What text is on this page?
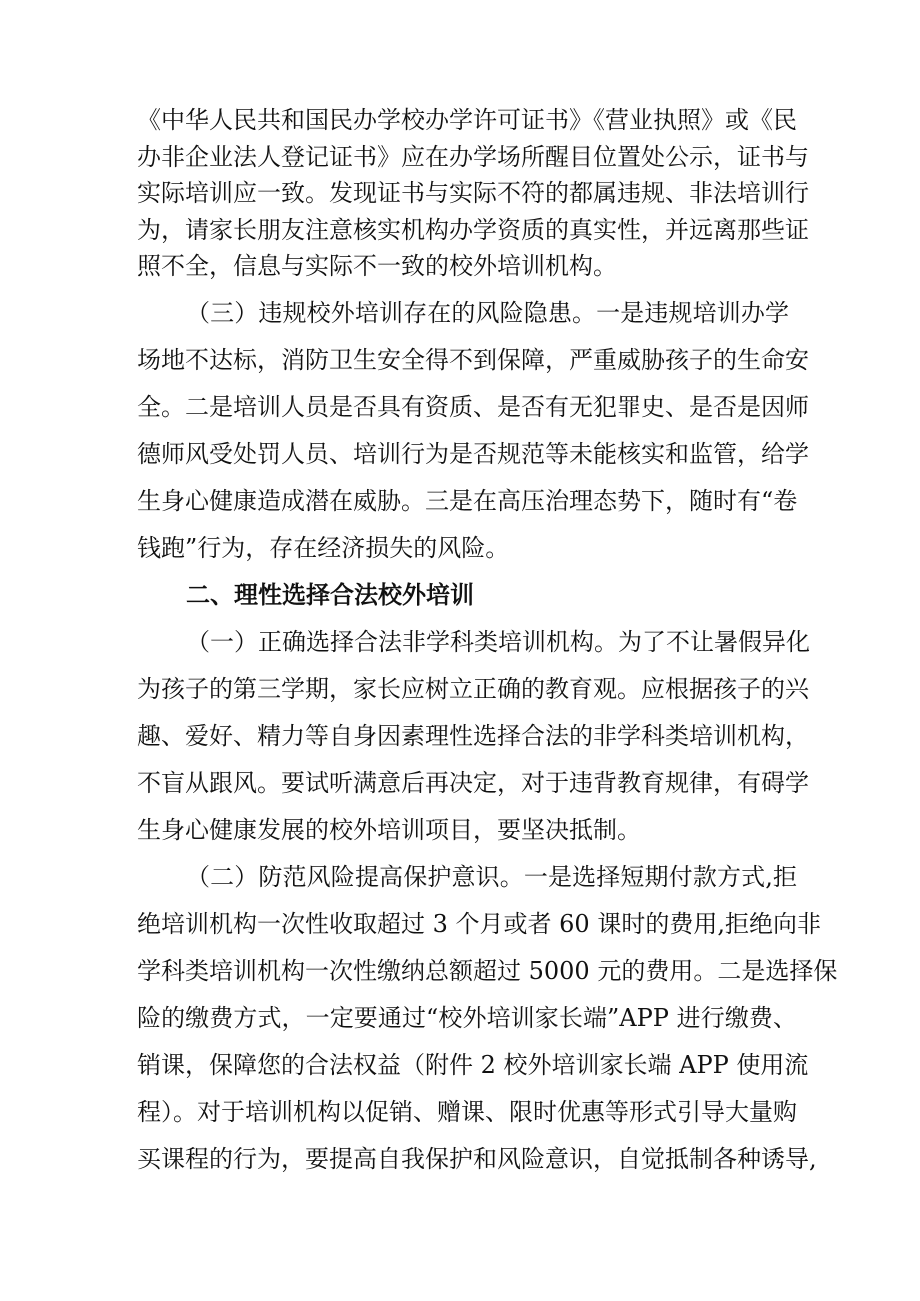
《中华人民共和国民办学校办学许可证书》《营业执照》或《民
办非企业法人登记证书》应在办学场所醒目位置处公示，证书与
实际培训应一致。发现证书与实际不符的都属违规、非法培训行
为，请家长朋友注意核实机构办学资质的真实性，并远离那些证
照不全，信息与实际不一致的校外培训机构。
（三）违规校外培训存在的风险隐患。一是违规培训办学
场地不达标，消防卫生安全得不到保障，严重威胁孩子的生命安
全。二是培训人员是否具有资质、是否有无犯罪史、是否是因师
德师风受处罚人员、培训行为是否规范等未能核实和监管，给学
生身心健康造成潜在威胁。三是在高压治理态势下，随时有“卷
钱跑”行为，存在经济损失的风险。
二、理性选择合法校外培训
（一）正确选择合法非学科类培训机构。为了不让暑假异化
为孩子的第三学期，家长应树立正确的教育观。应根据孩子的兴
趣、爱好、精力等自身因素理性选择合法的非学科类培训机构，
不盲从跟风。要试听满意后再决定，对于违背教育规律，有碍学
生身心健康发展的校外培训项目，要坚决抵制。
（二）防范风险提高保护意识。一是选择短期付款方式,拒
绝培训机构一次性收取超过 3 个月或者 60 课时的费用,拒绝向非
学科类培训机构一次性缴纳总额超过 5000 元的费用。二是选择保
险的缴费方式，一定要通过“校外培训家长端”APP 进行缴费、
销课，保障您的合法权益（附件 2 校外培训家长端 APP 使用流
程）。对于培训机构以促销、赠课、限时优惠等形式引导大量购
买课程的行为，要提高自我保护和风险意识，自觉抵制各种诱导,
